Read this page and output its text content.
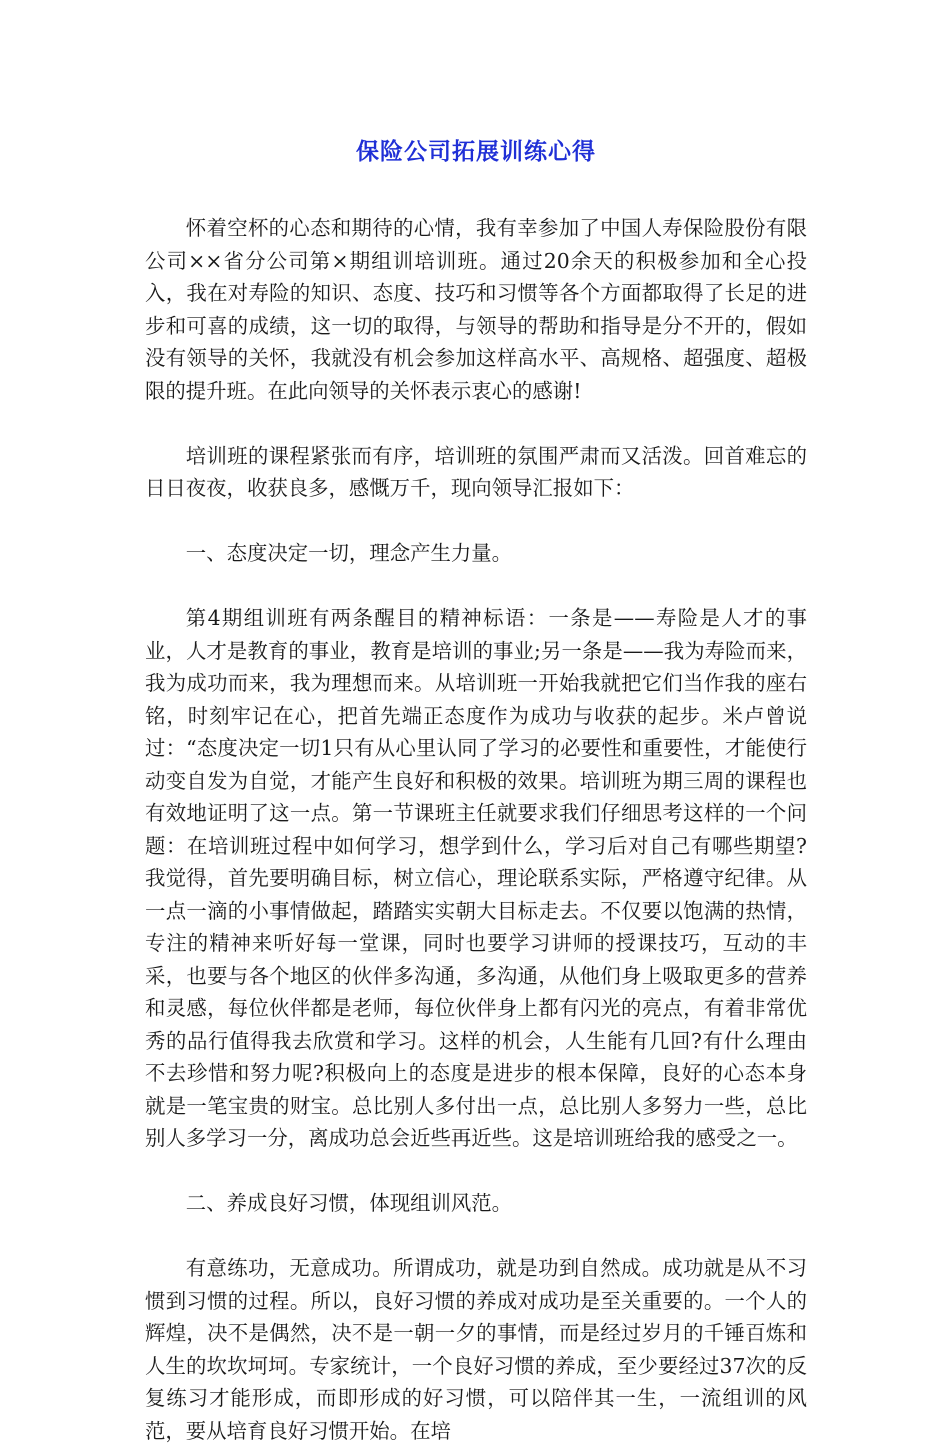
保险公司拓展训练心得

怀着空杯的心态和期待的心情，我有幸参加了中国人寿保险股份有限公司××省分公司第×期组训培训班。通过20余天的积极参加和全心投入，我在对寿险的知识、态度、技巧和习惯等各个方面都取得了长足的进步和可喜的成绩，这一切的取得，与领导的帮助和指导是分不开的，假如没有领导的关怀，我就没有机会参加这样高水平、高规格、超强度、超极限的提升班。在此向领导的关怀表示衷心的感谢!

培训班的课程紧张而有序，培训班的氛围严肃而又活泼。回首难忘的日日夜夜，收获良多，感慨万千，现向领导汇报如下：

一、态度决定一切，理念产生力量。

第4期组训班有两条醒目的精神标语：一条是——寿险是人才的事业，人才是教育的事业，教育是培训的事业;另一条是——我为寿险而来，我为成功而来，我为理想而来。从培训班一开始我就把它们当作我的座右铭，时刻牢记在心，把首先端正态度作为成功与收获的起步。米卢曾说过：“态度决定一切1只有从心里认同了学习的必要性和重要性，才能使行动变自发为自觉，才能产生良好和积极的效果。培训班为期三周的课程也有效地证明了这一点。第一节课班主任就要求我们仔细思考这样的一个问题：在培训班过程中如何学习，想学到什么，学习后对自己有哪些期望?我觉得，首先要明确目标，树立信心，理论联系实际，严格遵守纪律。从一点一滴的小事情做起，踏踏实实朝大目标走去。不仅要以饱满的热情，专注的精神来听好每一堂课，同时也要学习讲师的授课技巧，互动的丰采，也要与各个地区的伙伴多沟通，多沟通，从他们身上吸取更多的营养和灵感，每位伙伴都是老师，每位伙伴身上都有闪光的亮点，有着非常优秀的品行值得我去欣赏和学习。这样的机会，人生能有几回?有什么理由不去珍惜和努力呢?积极向上的态度是进步的根本保障，良好的心态本身就是一笔宝贵的财宝。总比别人多付出一点，总比别人多努力一些，总比别人多学习一分，离成功总会近些再近些。这是培训班给我的感受之一。

二、养成良好习惯，体现组训风范。

有意练功，无意成功。所谓成功，就是功到自然成。成功就是从不习惯到习惯的过程。所以，良好习惯的养成对成功是至关重要的。一个人的辉煌，决不是偶然，决不是一朝一夕的事情，而是经过岁月的千锤百炼和人生的坎坎坷坷。专家统计，一个良好习惯的养成，至少要经过37次的反复练习才能形成，而即形成的好习惯，可以陪伴其一生，一流组训的风范，要从培育良好习惯开始。在培
